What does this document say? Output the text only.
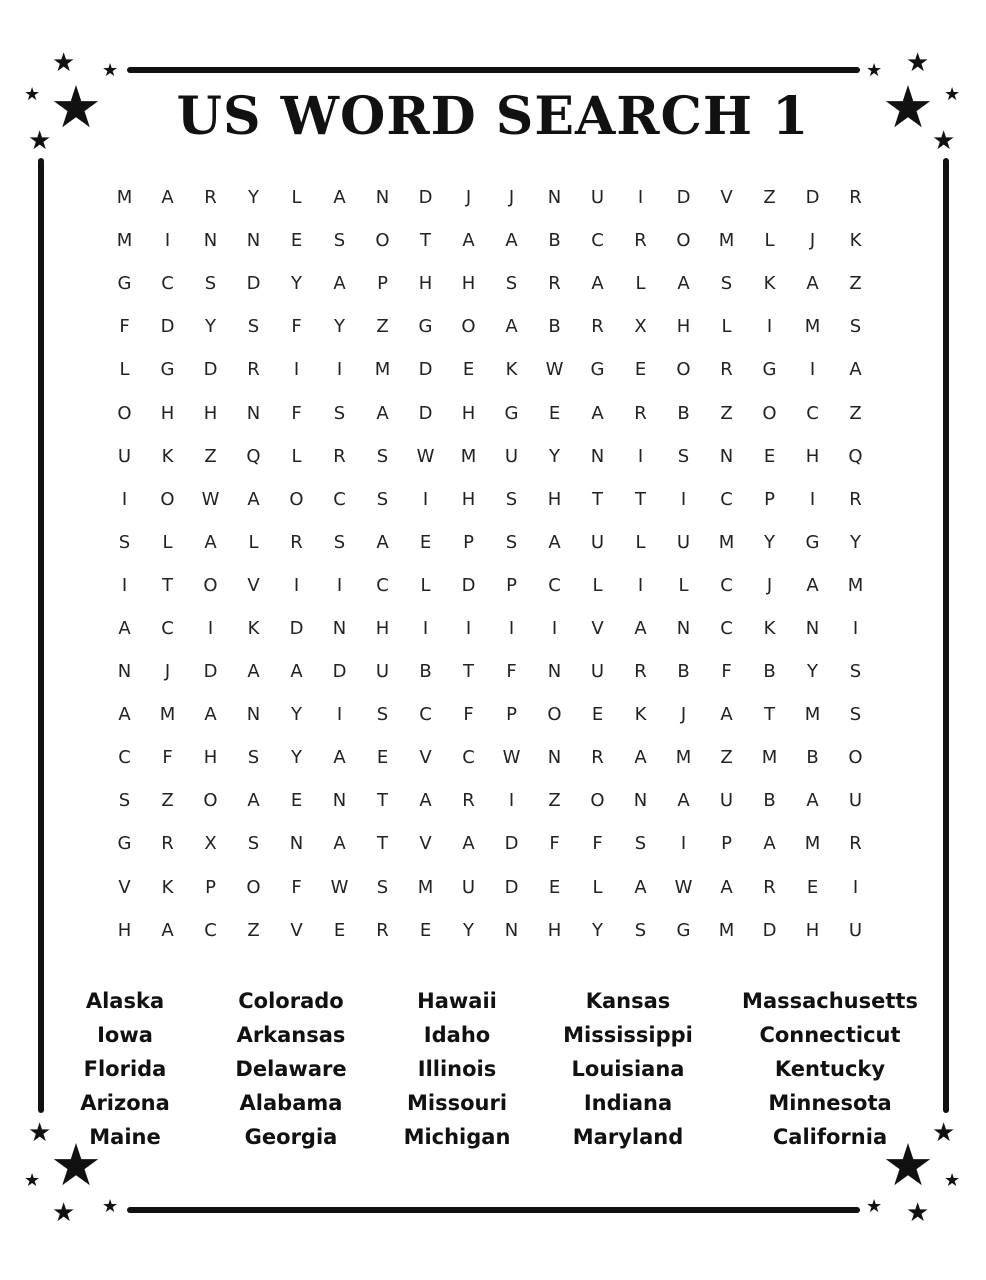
★ ★
★ ★
★
★ ★
★
★
★
★
★
★
★ ★
★
★ ★
★
★
US WORD SEARCH 1
M	A	R	Y	L	A	N	D	J	J	N	U	I	D	V	Z	D	R
M	I	N	N	E	S	O	T	A	A	B	C	R	O	M	L	J	K
G	C	S	D	Y	A	P	H	H	S	R	A	L	A	S	K	A	Z
F	D	Y	S	F	Y	Z	G	O	A	B	R	X	H	L	I	M	S
L	G	D	R	I	I	M	D	E	K	W	G	E	O	R	G	I	A
O	H	H	N	F	S	A	D	H	G	E	A	R	B	Z	O	C	Z
U	K	Z	Q	L	R	S	W	M	U	Y	N	I	S	N	E	H	Q
I	O	W	A	O	C	S	I	H	S	H	T	T	I	C	P	I	R
S	L	A	L	R	S	A	E	P	S	A	U	L	U	M	Y	G	Y
I	T	O	V	I	I	C	L	D	P	C	L	I	L	C	J	A	M
A	C	I	K	D	N	H	I	I	I	I	V	A	N	C	K	N	I
N	J	D	A	A	D	U	B	T	F	N	U	R	B	F	B	Y	S
A	M	A	N	Y	I	S	C	F	P	O	E	K	J	A	T	M	S
C	F	H	S	Y	A	E	V	C	W	N	R	A	M	Z	M	B	O
S	Z	O	A	E	N	T	A	R	I	Z	O	N	A	U	B	A	U
G	R	X	S	N	A	T	V	A	D	F	F	S	I	P	A	M	R
V	K	P	O	F	W	S	M	U	D	E	L	A	W	A	R	E	I
H	A	C	Z	V	E	R	E	Y	N	H	Y	S	G	M	D	H	U
Alaska	Colorado	Hawaii	Kansas	Massachusetts
Iowa	Arkansas	Idaho	Mississippi	Connecticut
Florida	Delaware	Illinois	Louisiana	Kentucky
Arizona	Alabama	Missouri	Indiana	Minnesota
Maine	Georgia	Michigan	Maryland	California
